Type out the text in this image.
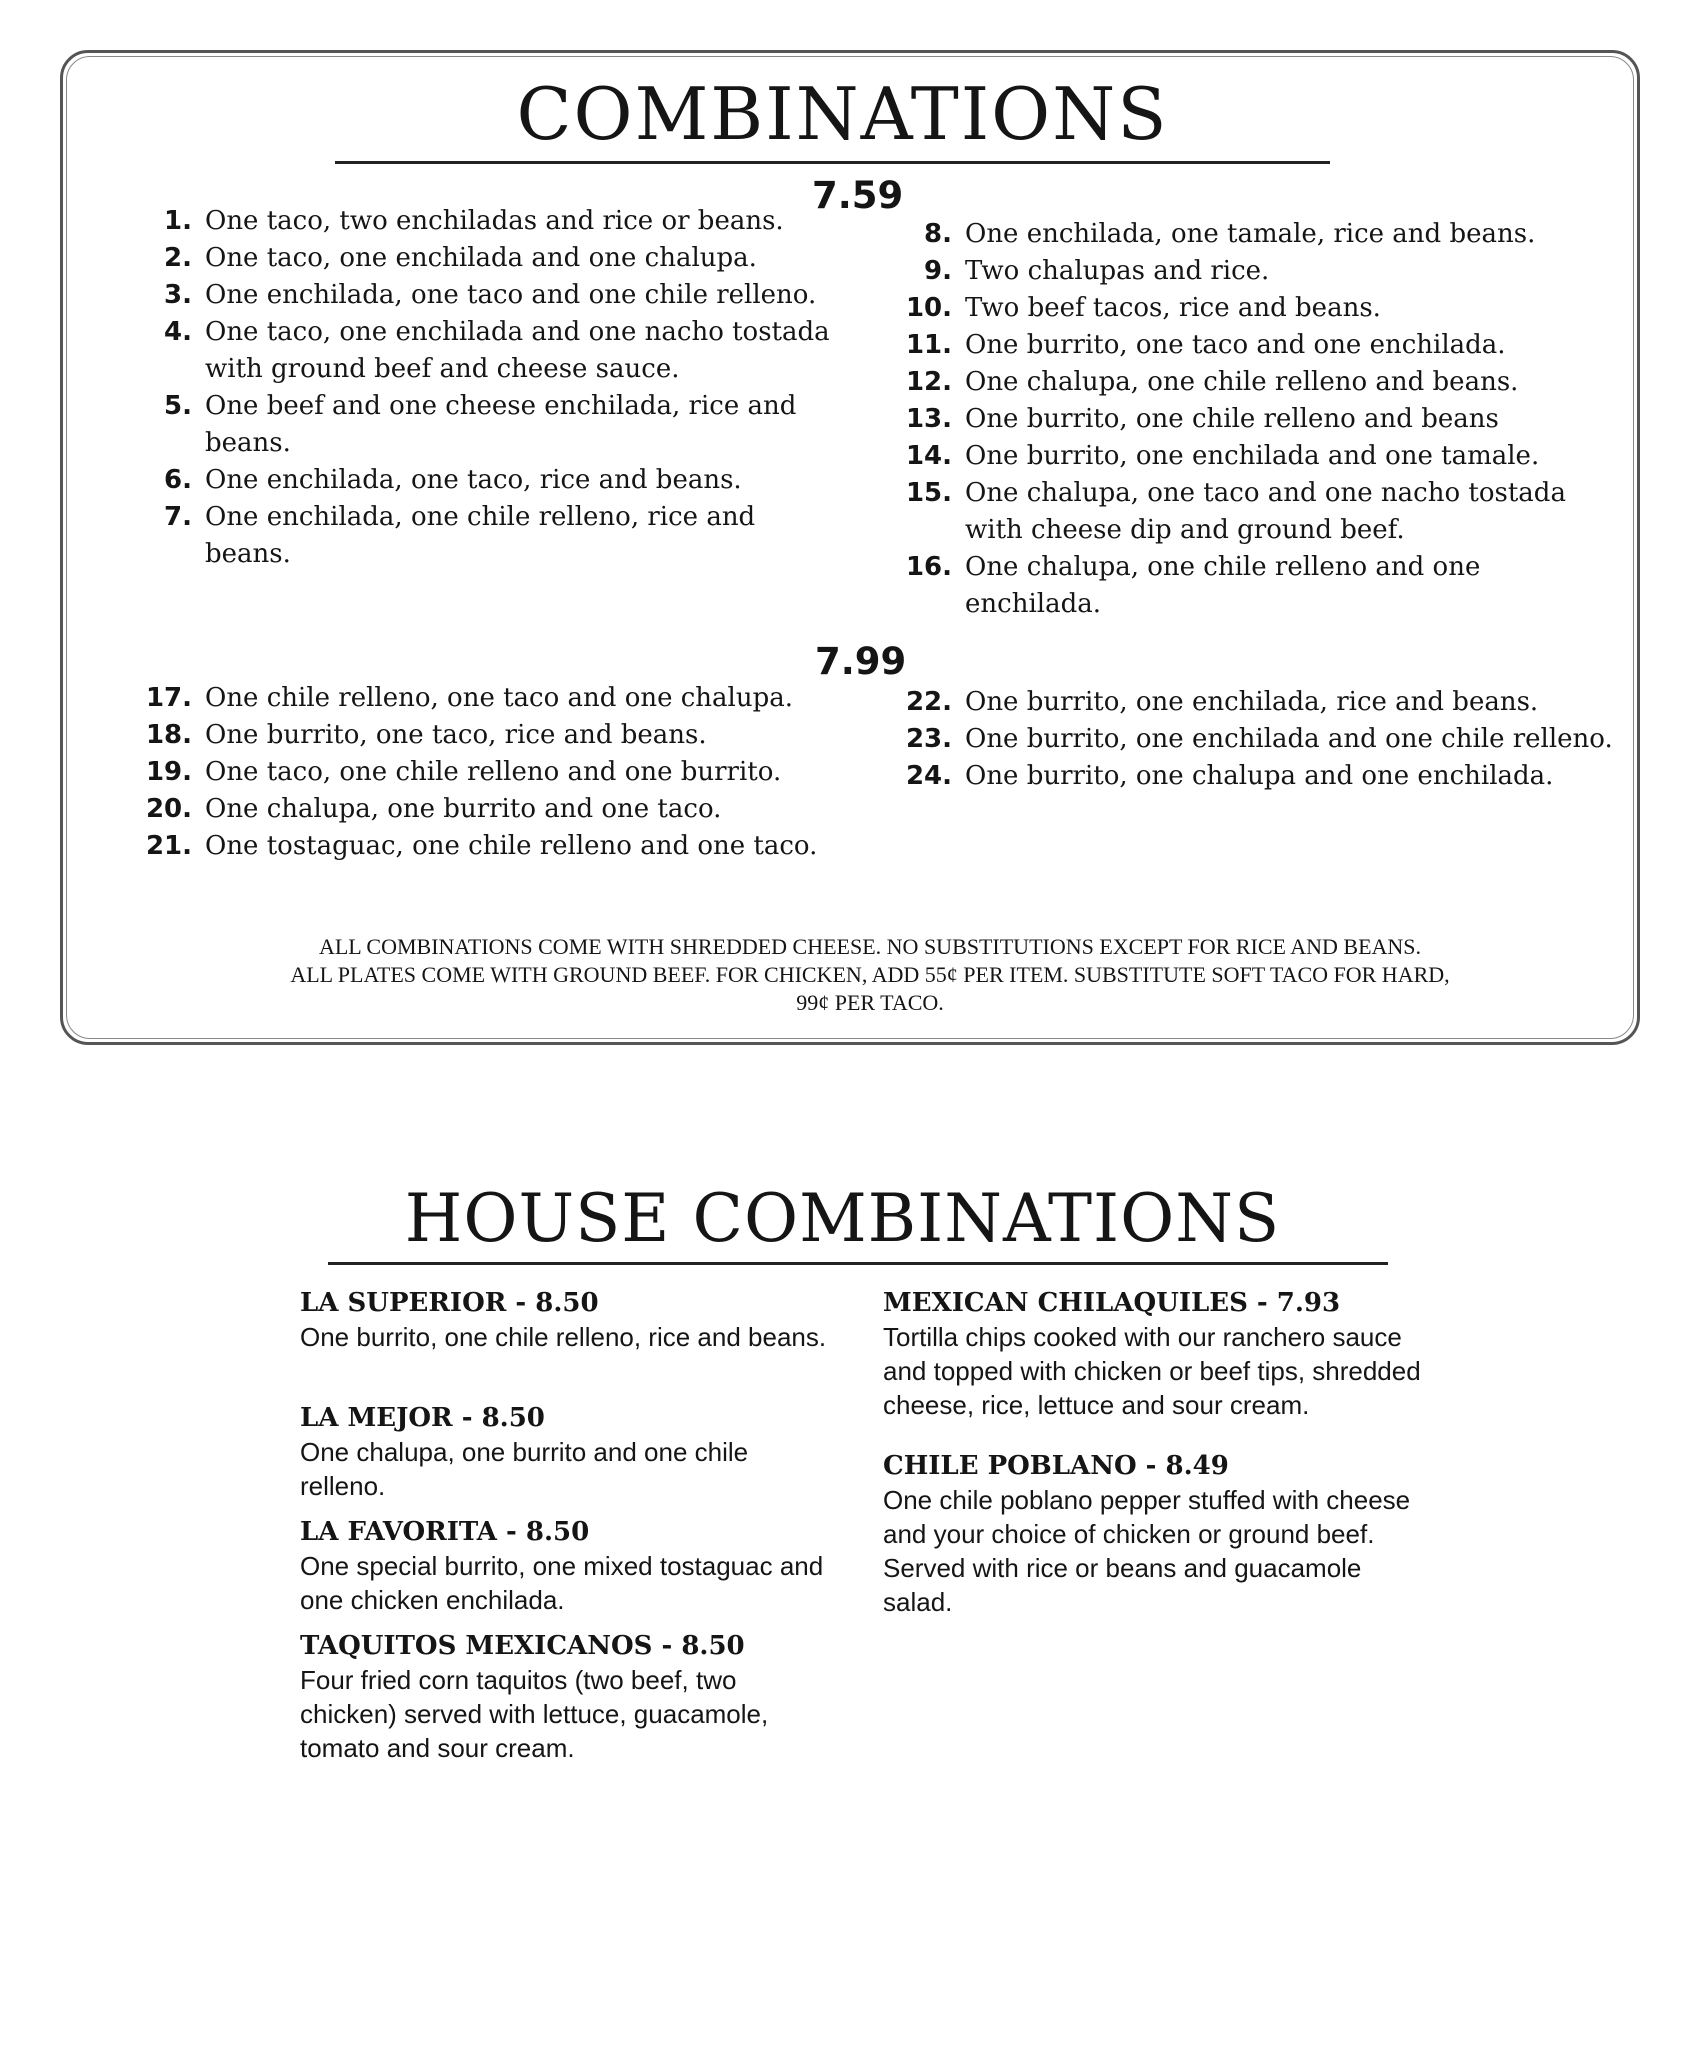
COMBINATIONS
7.59
1. One taco, two enchiladas and rice or beans.
2. One taco, one enchilada and one chalupa.
3. One enchilada, one taco and one chile relleno.
4. One taco, one enchilada and one nacho tostada with ground beef and cheese sauce.
5. One beef and one cheese enchilada, rice and beans.
6. One enchilada, one taco, rice and beans.
7. One enchilada, one chile relleno, rice and beans.
8. One enchilada, one tamale, rice and beans.
9. Two chalupas and rice.
10. Two beef tacos, rice and beans.
11. One burrito, one taco and one enchilada.
12. One chalupa, one chile relleno and beans.
13. One burrito, one chile relleno and beans
14. One burrito, one enchilada and one tamale.
15. One chalupa, one taco and one nacho tostada with cheese dip and ground beef.
16. One chalupa, one chile relleno and one enchilada.
7.99
17. One chile relleno, one taco and one chalupa.
18. One burrito, one taco, rice and beans.
19. One taco, one chile relleno and one burrito.
20. One chalupa, one burrito and one taco.
21. One tostaguac, one chile relleno and one taco.
22. One burrito, one enchilada, rice and beans.
23. One burrito, one enchilada and one chile relleno.
24. One burrito, one chalupa and one enchilada.

ALL COMBINATIONS COME WITH SHREDDED CHEESE. NO SUBSTITUTIONS EXCEPT FOR RICE AND BEANS.

ALL PLATES COME WITH GROUND BEEF. FOR CHICKEN, ADD 55¢ PER ITEM. SUBSTITUTE SOFT TACO FOR HARD,

99¢ PER TACO.

HOUSE COMBINATIONS
LA SUPERIOR - 8.50

One burrito, one chile relleno, rice and beans.

LA MEJOR - 8.50

One chalupa, one burrito and one chile relleno.

LA FAVORITA - 8.50

One special burrito, one mixed tostaguac and one chicken enchilada.

TAQUITOS MEXICANOS - 8.50

Four fried corn taquitos (two beef, two chicken) served with lettuce, guacamole, tomato and sour cream.

MEXICAN CHILAQUILES - 7.93

Tortilla chips cooked with our ranchero sauce and topped with chicken or beef tips, shredded cheese, rice, lettuce and sour cream.

CHILE POBLANO - 8.49

One chile poblano pepper stuffed with cheese and your choice of chicken or ground beef. Served with rice or beans and guacamole salad.
